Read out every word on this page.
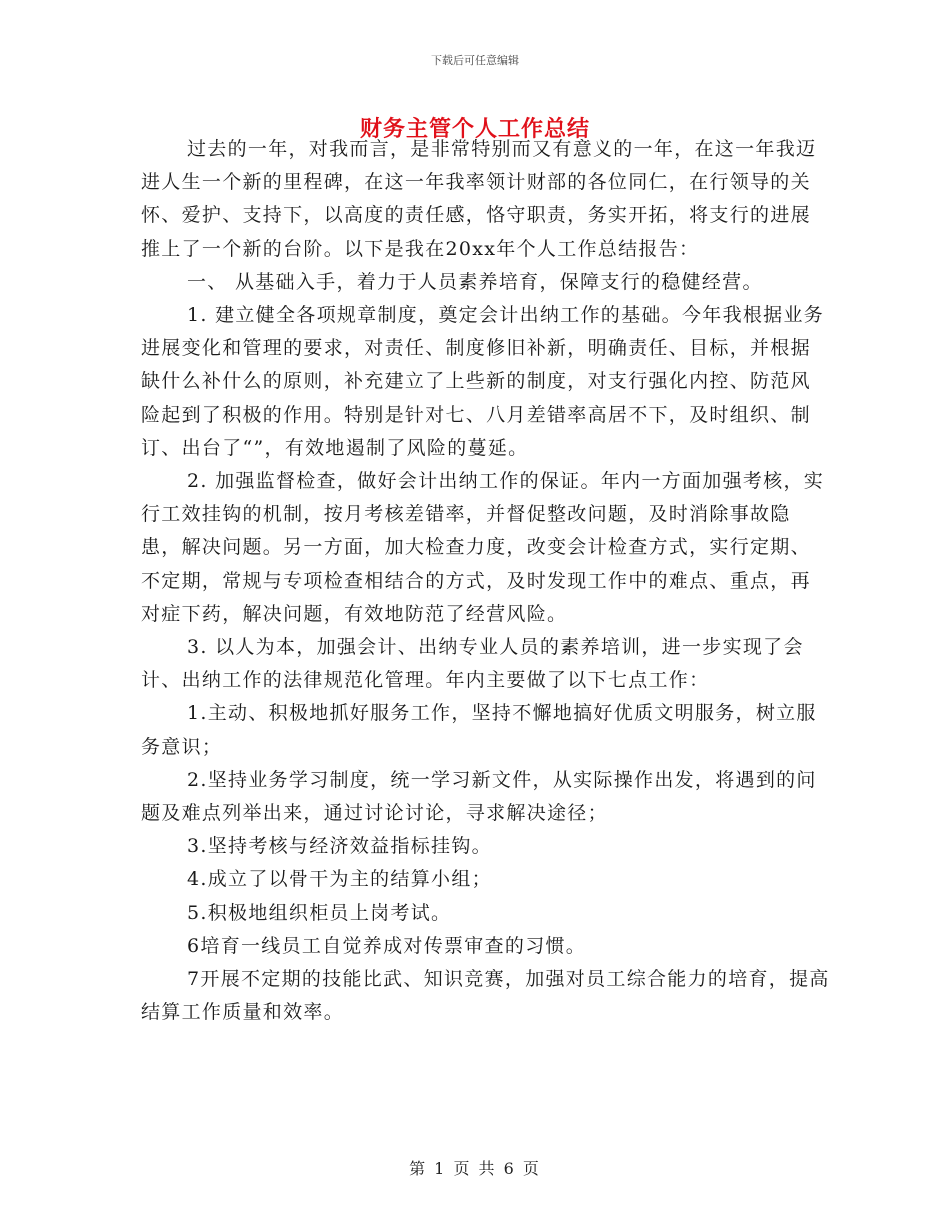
下载后可任意编辑
财务主管个人工作总结

过去的一年，对我而言，是非常特别而又有意义的一年，在这一年我迈进人生一个新的里程碑，在这一年我率领计财部的各位同仁，在行领导的关怀、爱护、支持下，以高度的责任感，恪守职责，务实开拓，将支行的进展推上了一个新的台阶。以下是我在20xx年个人工作总结报告：

一、 从基础入手，着力于人员素养培育，保障支行的稳健经营。

1. 建立健全各项规章制度，奠定会计出纳工作的基础。今年我根据业务进展变化和管理的要求，对责任、制度修旧补新，明确责任、目标，并根据缺什么补什么的原则，补充建立了上些新的制度，对支行强化内控、防范风险起到了积极的作用。特别是针对七、八月差错率高居不下，及时组织、制订、出台了“”，有效地遏制了风险的蔓延。

2. 加强监督检查，做好会计出纳工作的保证。年内一方面加强考核，实行工效挂钩的机制，按月考核差错率，并督促整改问题，及时消除事故隐患，解决问题。另一方面，加大检查力度，改变会计检查方式，实行定期、不定期，常规与专项检查相结合的方式，及时发现工作中的难点、重点，再对症下药，解决问题，有效地防范了经营风险。

3. 以人为本，加强会计、出纳专业人员的素养培训，进一步实现了会计、出纳工作的法律规范化管理。年内主要做了以下七点工作：

1.主动、积极地抓好服务工作，坚持不懈地搞好优质文明服务，树立服务意识；

2.坚持业务学习制度，统一学习新文件，从实际操作出发，将遇到的问题及难点列举出来，通过讨论讨论，寻求解决途径；

3.坚持考核与经济效益指标挂钩。

4.成立了以骨干为主的结算小组；

5.积极地组织柜员上岗考试。

6培育一线员工自觉养成对传票审查的习惯。

7开展不定期的技能比武、知识竞赛，加强对员工综合能力的培育，提高结算工作质量和效率。

第 1 页 共 6 页
